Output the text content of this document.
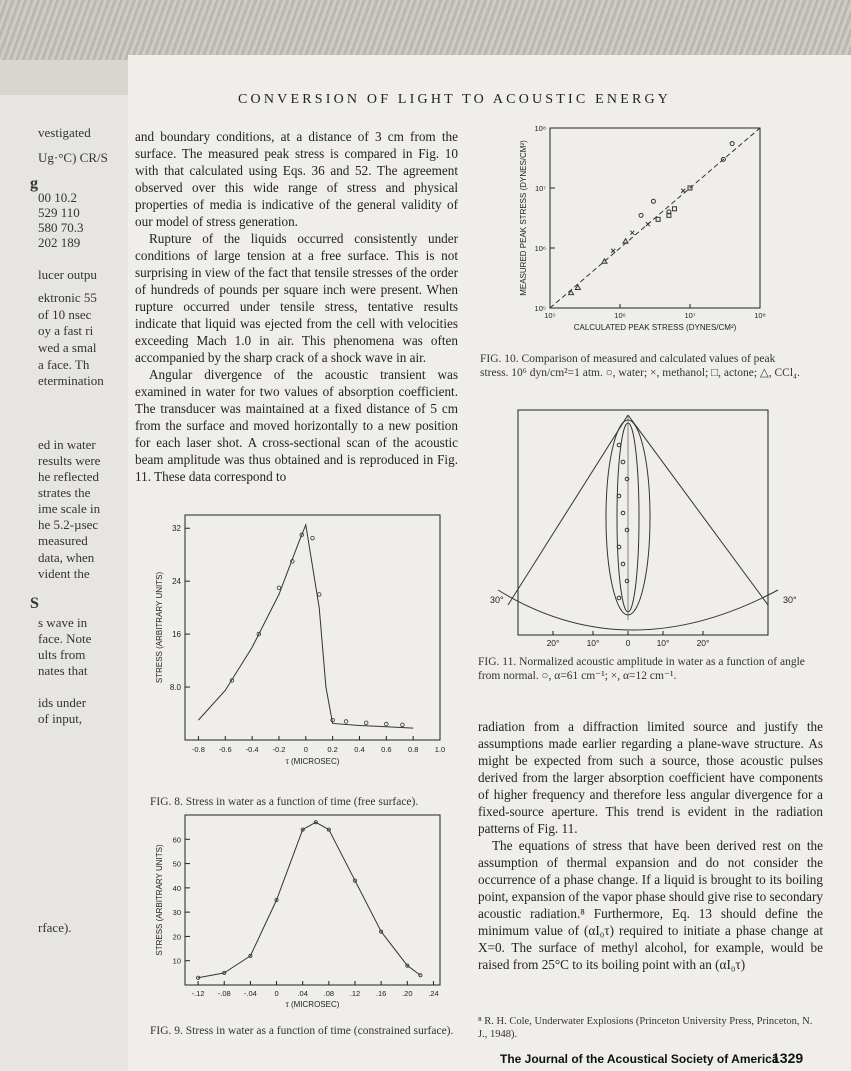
vestigated
Ug·°C) CR/S
g
00 10.2
529 110
580 70.3
202 189
lucer outpu
ektronic 55
of 10 nsec
oy a fast ri
wed a smal
a face. Th
etermination
ed in water
results were
he reflected
strates the
ime scale in
he 5.2-µsec
measured
data, when
vident the
S
s wave in
face. Note
ults from
nates that
ids under
of input,
rface).
CONVERSION OF LIGHT TO ACOUSTIC ENERGY

and boundary conditions, at a distance of 3 cm from the surface. The measured peak stress is compared in Fig. 10 with that calculated using Eqs. 36 and 52. The agreement observed over this wide range of stress and physical properties of media is indicative of the general validity of our model of stress generation.

Rupture of the liquids occurred consistently under conditions of large tension at a free surface. This is not surprising in view of the fact that tensile stresses of the order of hundreds of pounds per square inch were present. When rupture occurred under tensile stress, tentative results indicate that liquid was ejected from the cell with velocities exceeding Mach 1.0 in air. This phenomena was often accompanied by the sharp crack of a shock wave in air.

Angular divergence of the acoustic transient was examined in water for two values of absorption coefficient. The transducer was maintained at a fixed distance of 5 cm from the surface and moved horizontally to a new position for each laser shot. A cross-sectional scan of the acoustic beam amplitude was thus obtained and is reproduced in Fig. 11. These data correspond to

radiation from a diffraction limited source and justify the assumptions made earlier regarding a plane-wave structure. As might be expected from such a source, those acoustic pulses derived from the larger absorption coefficient have components of higher frequency and therefore less angular divergence for a fixed-source aperture. This trend is evident in the radiation patterns of Fig. 11.

The equations of stress that have been derived rest on the assumption of thermal expansion and do not consider the occurrence of a phase change. If a liquid is brought to its boiling point, expansion of the vapor phase should give rise to secondary acoustic radiation.⁸ Furthermore, Eq. 13 should define the minimum value of (αI₀τ) required to initiate a phase change at X=0. The surface of methyl alcohol, for example, would be raised from 25°C to its boiling point with an (αI₀τ)

8.0
16
24
32
-0.8 -0.6 -0.4 -0.2 0	0.2 0.4 0.6 0.8 1.0
τ (MICROSEC)
STRESS (ARBITRARY UNITS)
FIG. 8. Stress in water as a function of time (free surface).
10
20
30
40
50
60
-.12 -.08 -.04 0	.04 .08 .12 .16 .20 .24
τ (MICROSEC)
STRESS (ARBITRARY UNITS)
FIG. 9. Stress in water as a function of time (constrained surface).
10⁵
10⁶
10⁷
10⁸
10⁵	10⁶	10⁷	10⁸
CALCULATED PEAK STRESS (DYNES/CM²)
MEASURED PEAK STRESS (DYNES/CM²)
FIG. 10. Comparison of measured and calculated values of peak stress. 10⁶ dyn/cm²=1 atm. ○, water; ×, methanol; □, actone; △, CCl₄.
30°	30°
20°	10°	0	10°	20°
FIG. 11. Normalized acoustic amplitude in water as a function of angle from normal. ○, α=61 cm⁻¹; ×, α=12 cm⁻¹.
⁸ R. H. Cole, Underwater Explosions (Princeton University Press, Princeton, N. J., 1948).
The Journal of the Acoustical Society of America
1329
